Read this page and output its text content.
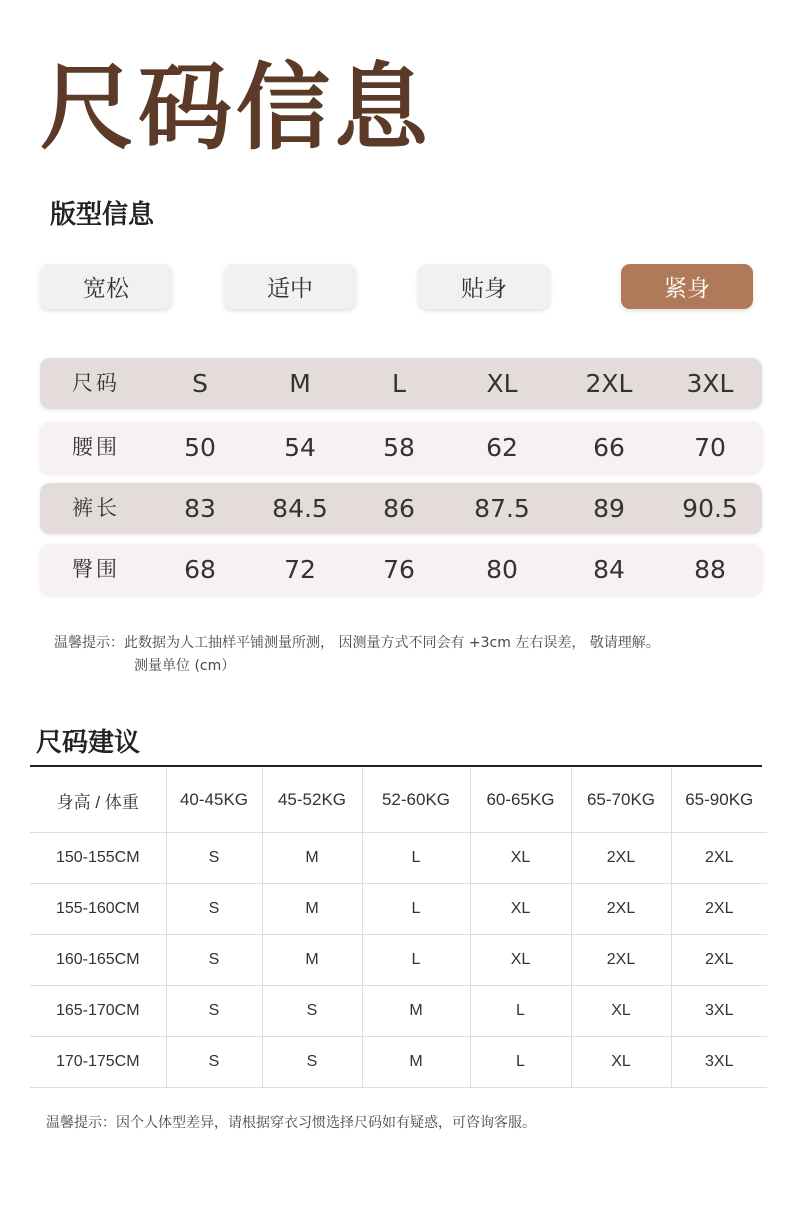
尺码信息
版型信息
宽松	适中	贴身	紧身
尺码	S	M	L	XL	2XL 3XL
腰围	50	54	58	62	66	70
裤长	83 84.5 86 87.5	89 90.5
臀围	68	72	76	80	84	88
温馨提示：此数据为人工抽样平铺测量所测， 因测量方式不同会有 +3cm 左右误差， 敬请理解。
测量单位 (cm）
尺码建议
身高 / 体重	40-45KG	45-52KG	52-60KG	60-65KG	65-70KG	65-90KG
150-155CM	S	M	L	XL	2XL	2XL
155-160CM	S	M	L	XL	2XL	2XL
160-165CM	S	M	L	XL	2XL	2XL
165-170CM	S	S	M	L	XL	3XL
170-175CM	S	S	M	L	XL	3XL
温馨提示：因个人体型差异，请根据穿衣习惯选择尺码如有疑惑，可咨询客服。
